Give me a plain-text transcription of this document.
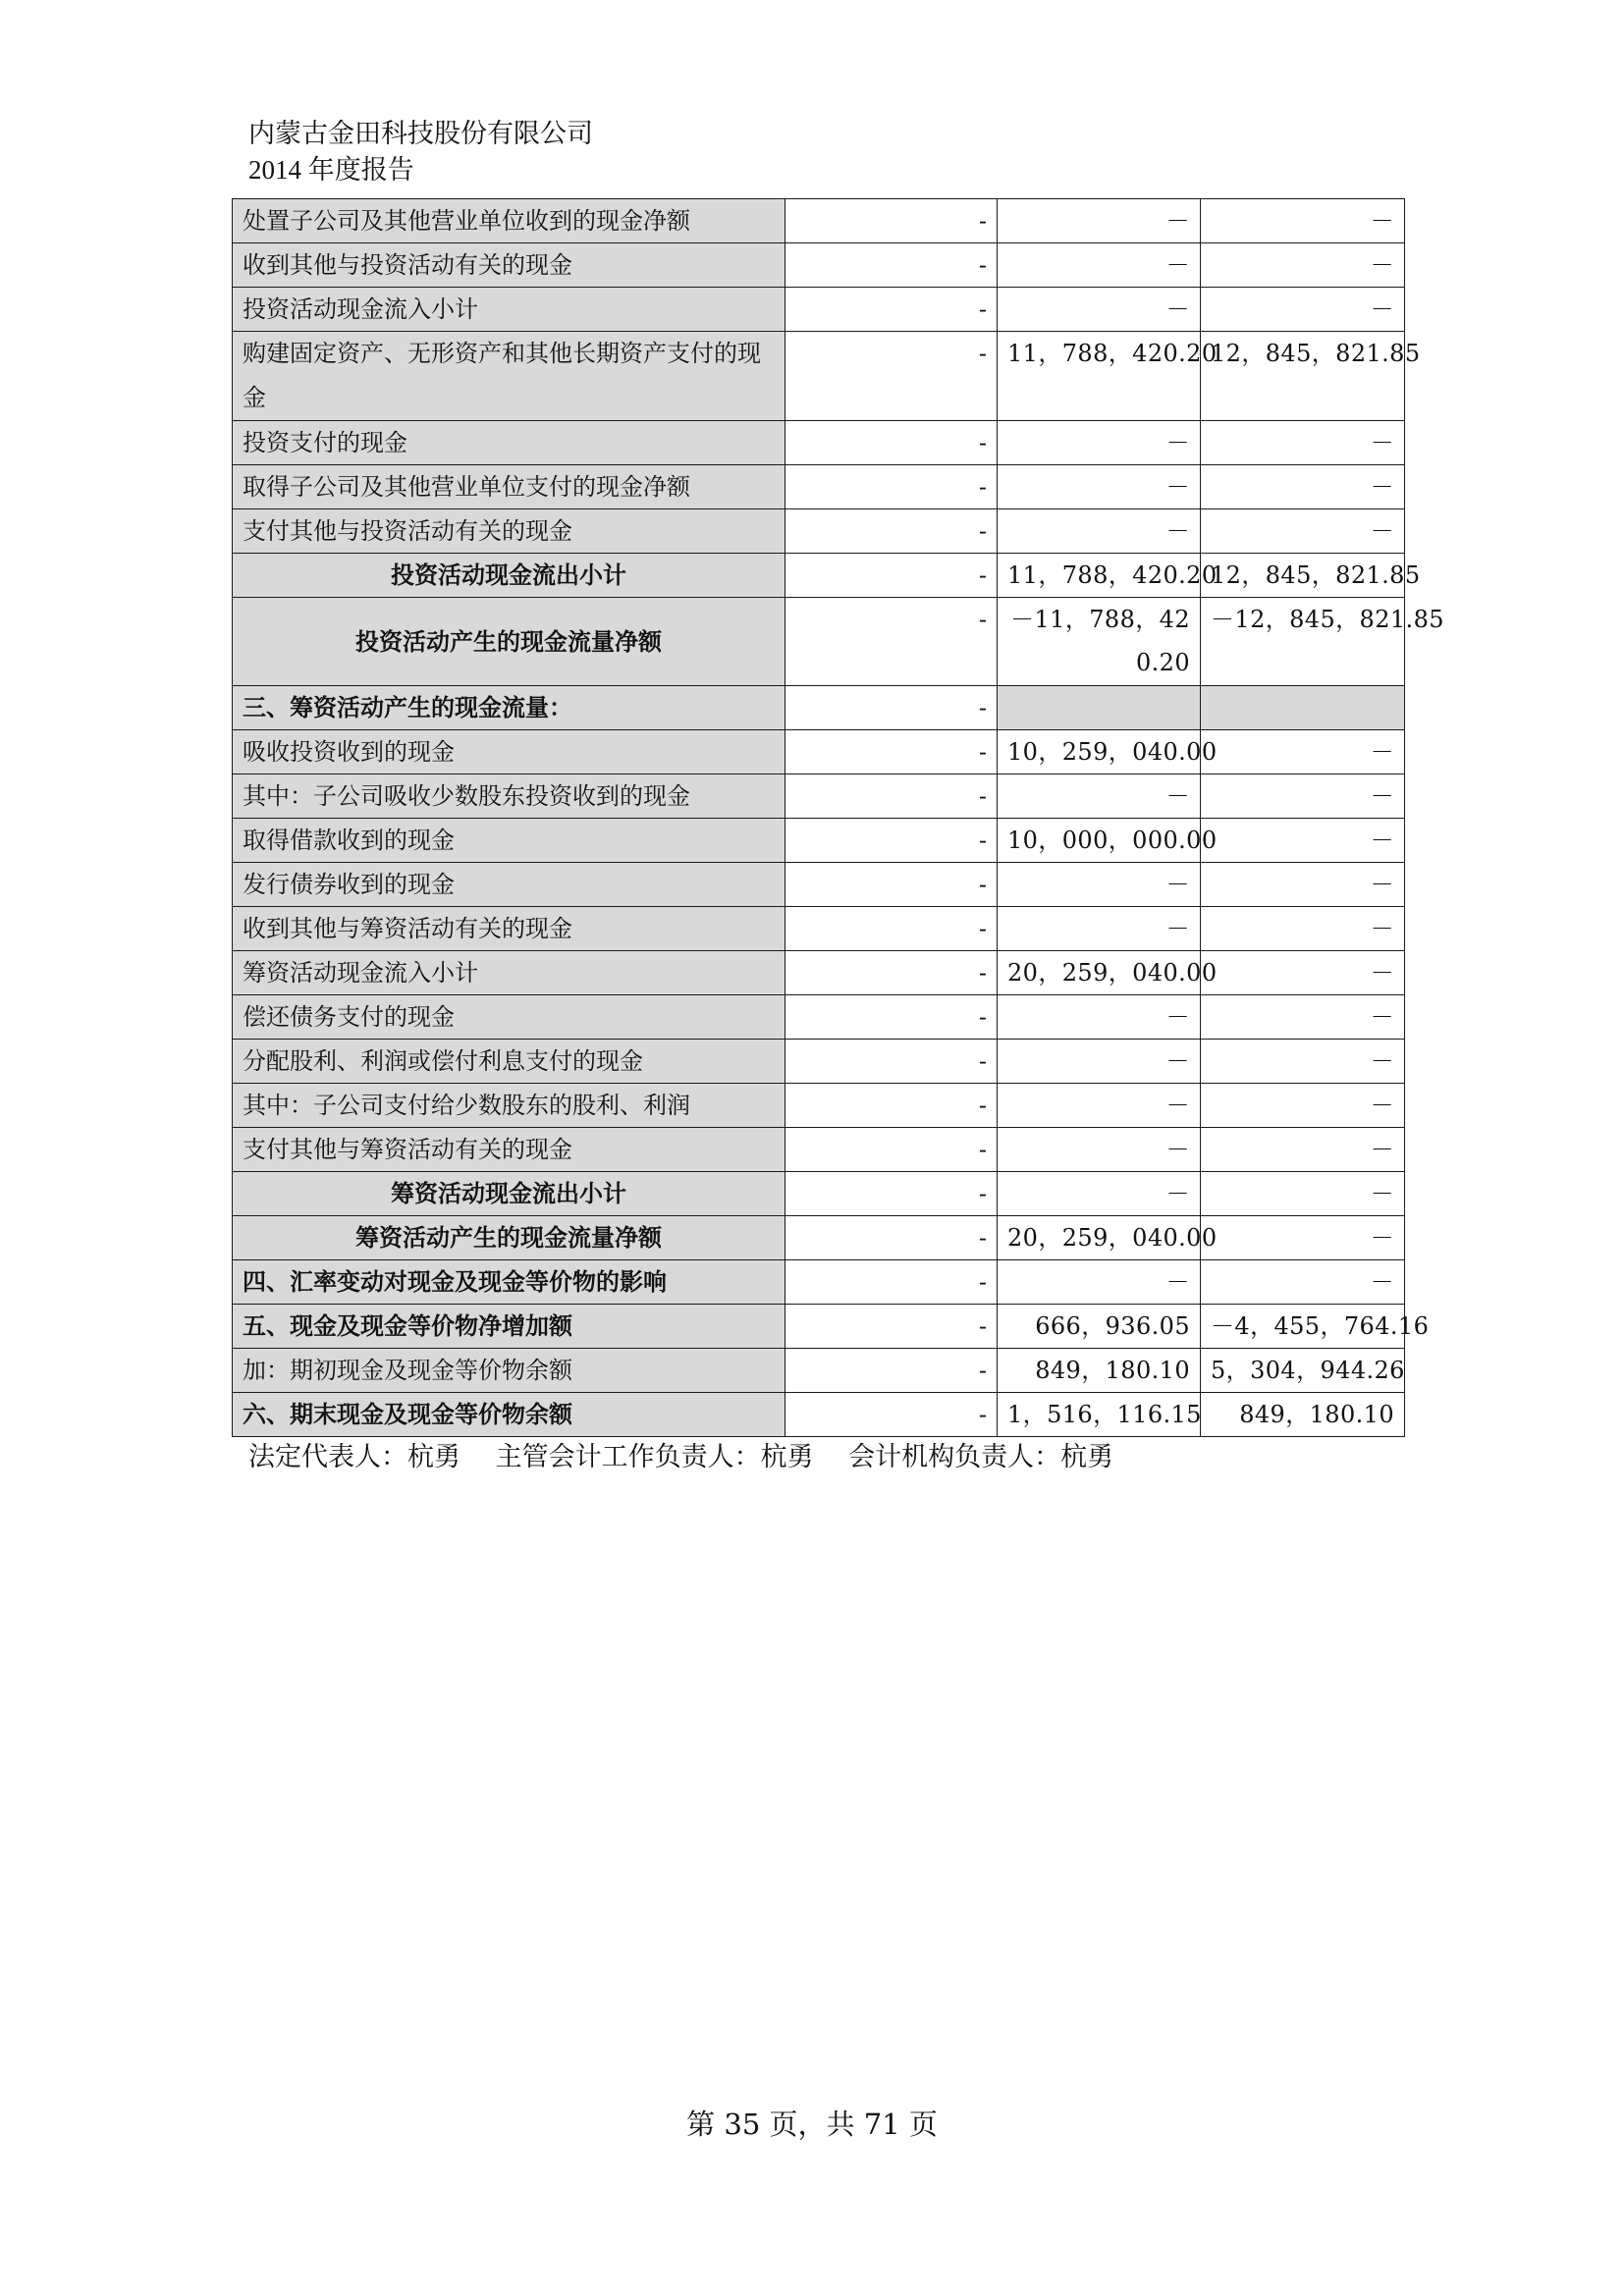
内蒙古金田科技股份有限公司
2014 年度报告
处置子公司及其他营业单位收到的现金净额	-	－	－
收到其他与投资活动有关的现金	-	－	－
投资活动现金流入小计	-	－	－
购建固定资产、无形资产和其他长期资产支付的现金	-	11，788，420.20	12，845，821.85
投资支付的现金	-	－	－
取得子公司及其他营业单位支付的现金净额	-	－	－
支付其他与投资活动有关的现金	-	－	－
投资活动现金流出小计	-	11，788，420.20	12，845，821.85
投资活动产生的现金流量净额	-	－11，788，420.20	－12，845，821.85
三、筹资活动产生的现金流量：	-		
吸收投资收到的现金	-	10，259，040.00	－
其中：子公司吸收少数股东投资收到的现金	-	－	－
取得借款收到的现金	-	10，000，000.00	－
发行债券收到的现金	-	－	－
收到其他与筹资活动有关的现金	-	－	－
筹资活动现金流入小计	-	20，259，040.00	－
偿还债务支付的现金	-	－	－
分配股利、利润或偿付利息支付的现金	-	－	－
其中：子公司支付给少数股东的股利、利润	-	－	－
支付其他与筹资活动有关的现金	-	－	－
筹资活动现金流出小计	-	－	－
筹资活动产生的现金流量净额	-	20，259，040.00	－
四、汇率变动对现金及现金等价物的影响	-	－	－
五、现金及现金等价物净增加额	-	666，936.05	－4，455，764.16
加：期初现金及现金等价物余额	-	849，180.10	5，304，944.26
六、期末现金及现金等价物余额	-	1，516，116.15	849，180.10
法定代表人：杭勇　 主管会计工作负责人：杭勇　 会计机构负责人：杭勇
第 35 页，共 71 页
